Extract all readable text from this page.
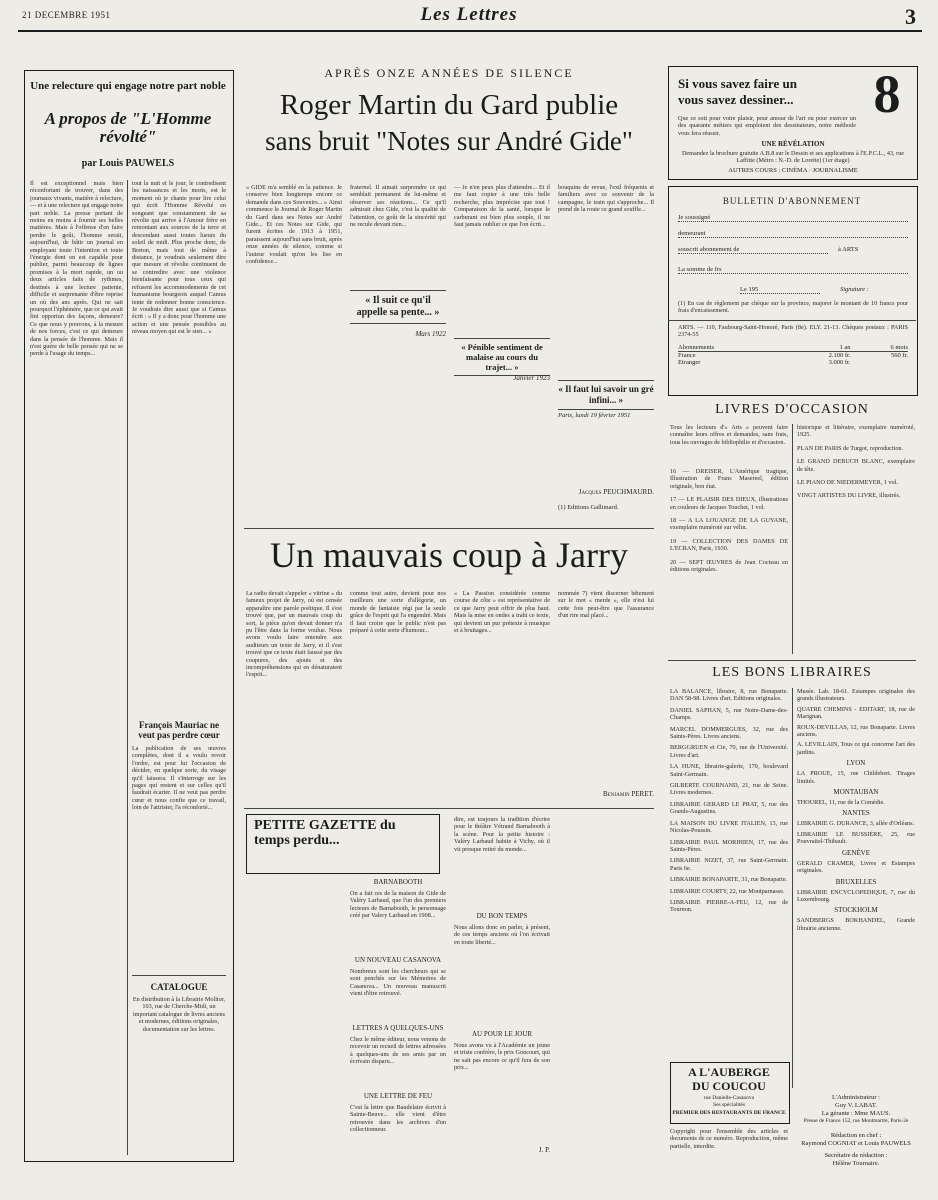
21 DECEMBRE 1951	Les Lettres	3
Une relecture qui engage notre part noble
A propos de "L'Homme révolté"
par Louis PAUWELS
Il est exceptionnel mais bien réconfortant de trouver, dans des journaux vivants, matière à relecture, — et à une relecture qui engage notre part noble. La presse portant de moins en moins à fournir ses belles matières. Mais à l'offense d'en faire perdre le goût, l'homme serait, aujourd'hui, de bâtir un journal en employant toute l'intention et toute l'énergie dont on est capable pour publier, parmi beaucoup de lignes promises à la mort rapide, un ou deux articles faits de rythmes, destinés à une lecture patiente, difficile et surprenante d'être reprise un où des ans après. Qui ne sait pourquoi l'éphémère, que ce qui avait fini opportun des façons, demeure? Ce que nous y pouvons, à la mesure de nos forces, c'est ce qui demeure dans la pensée de l'homme. Mais il n'est guère de belle pensée qui ne se perde à l'usage du temps...
tout la nuit et le jour, le contredisent les naissances et les morts, est le moment où je chante pour lire celui qui écrit l'Homme Révolté en songeant que constamment de sa révolte qui arrive à l'Amour frère en remontant aux sources de la terre et descendant aussi toutes lueurs du soleil de midi. Plus proche donc, de Breton, mais tout de même à distance, je voudrais seulement dire que mesure et révolte continuent de se contredire avec une violence bienfaisante pour tous ceux qui refusent les accommodements de cet humanisme bourgeois auquel Camus tente de redonner bonne conscience. Je voudrais dire aussi que si Camus écrit : « Il y a donc pour l'homme une action et une pensée possibles au niveau moyen qui est le sien... »
François Mauriac ne veut pas perdre cœur
La publication de ses œuvres complètes, dont il a voulu revoir l'ordre, est pour lui l'occasion de décider, en quelque sorte, du visage qu'il laissera. Il s'interroge sur les pages qui restent et sur celles qu'il faudrait écarter. Il ne veut pas perdre cœur et nous confie que ce travail, loin de l'attrister, l'a réconforté...
CATALOGUE
En distribution à la Librairie Molitor, 103, rue de Cherche-Midi, un important catalogue de livres anciens et modernes, éditions originales, documentation sur les lettres.
APRÈS ONZE ANNÉES DE SILENCE
Roger Martin du Gard publie
sans bruit "Notes sur André Gide"
« GIDE m'a semblé en la patience. Je conserve bien longtemps encore ce demande dans ces Souvenirs... » Ainsi commence le Journal de Roger Martin du Gard dans ses Notes sur André Gide... Et ces Notes sur Gide, qui furent écrites de 1913 à 1951, paraissent aujourd'hui sans bruit, après onze années de silence, comme si l'auteur voulait qu'on les lise en confidence...
fraternel. Il aimait surprendre ce qui semblait permanent de lui-même et observer ses réactions... Ce qu'il admirait chez Gide, c'est la qualité de l'attention, ce goût de la sincérité qui ne recule devant rien...
« Il suit ce qu'il appelle sa pente... »
Mars 1922
— Je n'en peux plus d'attendre... Et il me faut copier à une très belle recherche, plus imprécise que tout ! Comparaison de la santé, lorsque le carburant est bien plus souple, il ne faut jamais oublier ce que l'on écrit...
« Pénible sentiment de malaise au cours du trajet... »
Janvier 1923
bouquins de revue, l'exil fréquents et familiers avec ce souvenir de la campagne, le train qui s'approche... Il prend de la route ce grand souffle...
« Il faut lui savoir un gré infini... »
Paris, lundi 19 février 1951
Jacques PEUCHMAURD.
(1) Editions Gallimard.
Un mauvais coup à Jarry
La radio devait s'appeler « vitrine » du fameux projet de Jarry, où est censée apparaître une parole poétique. Il s'est trouvé que, par un mauvais coup du sort, la pièce qu'on devait donner n'a pu l'être dans la forme voulue. Nous avons voulu faire entendre aux auditeurs un texte de Jarry, et il s'est trouvé que ce texte était faussé par des coupures, des ajouts et des incompréhensions qui en dénaturaient l'esprit...
comme tout autre, devient pour nos meilleurs une sorte d'allégorie, un monde de fantaisie régi par la seule grâce de l'esprit qui l'a engendré. Mais il faut croire que le public n'est pas préparé à cette sorte d'humour...
« La Passion considérée comme course de côte » est représentative de ce que Jarry peut offrir de plus haut. Mais la mise en ondes a trahi ce texte, qui devient un pur prétexte à musique et à bruitages...
nommée 7) vient discerner bêtement sur le mot « merde », elle n'est lui cette fois peut-être que l'assurance d'un rire mal placé...
Benjamin PERET.
PETITE GAZETTE du temps perdu...
BARNABOOTH
On a fait ces de la maison de Gide de Valéry Larbaud, que l'un des premiers lecteurs de Barnabooth, le personnage créé par Valery Larbaud en 1908...
UN NOUVEAU CASANOVA
Nombreux sont les chercheurs qui se sont penchés sur les Mémoires de Casanova... Un nouveau manuscrit vient d'être retrouvé.
LETTRES A QUELQUES-UNS
Chez le même éditeur, nous venons de recevoir un recueil de lettres adressées à quelques-uns de ses amis par un écrivain disparu...
UNE LETTRE DE FEU
C'est la lettre que Baudelaire écrivit à Sainte-Beuve... elle vient d'être retrouvée dans les archives d'un collectionneur.
dire, est toujours la tradition d'écrire pour le théâtre Vétrand Barnabooth à la scène. Pour la petite histoire : Valéry Larbaud habite à Vichy, où il vit presque retiré du monde...
DU BON TEMPS
Nous allons donc en parler, à présent, de ces temps anciens où l'on écrivait en toute liberté...
AU POUR LE JOUR
Nous avons vu à l'Académie un jeune et triste confrère, le prix Goncourt, qui ne sait pas encore ce qu'il fera de son prix...
J. P.
Si vous savez faire un
vous savez dessiner...	8
Que ce soit pour votre plaisir, pour amour de l'art ou pour exercer un des quarante métiers qui emploient des dessinateurs, notre méthode vous fera réussir.
UNE RÉVÉLATION
Demandez la brochure gratuite A.B.8 sur le Dessin et ses applications à l'E.P.C.L., 43, rue Laffitte (Métro : N.-D. de Lorette) (1er étage)
AUTRES COURS : CINÉMA · JOURNALISME
BULLETIN D'ABONNEMENT
Je soussigné
demeurant
souscrit abonnement de	à ARTS
La somme de frs
Le 195	Signature :
(1) En cas de règlement par chèque sur la province, majorer le montant de 10 francs pour frais d'encaissement.
ARTS. — 110, Faubourg-Saint-Honoré, Paris (8e). ELY. 21-13. Chèques postaux : PARIS 2374-55
Abonnements	1 an	6 mois
France	2.100 fr.	560 fr.
Etranger	3.000 fr.
LIVRES D'OCCASION
Tous les lecteurs d'« Arts » peuvent faire connaître leurs offres et demandes, sans frais, tous les ouvrages de bibliophilie et d'occasion.
16 — DREISER, L'Amérique tragique, Illustration de Frans Masereel, édition originale, bon état.
17 — LE PLAISIR DES DIEUX, illustrations en couleurs de Jacques Touchet, 1 vol.
18 — A LA LOUANGE DE LA GUYANE, exemplaire numéroté sur vélin.
19 — COLLECTION DES DAMES DE L'ECRAN, Paris, 1930.
20 — SEPT ŒUVRES de Jean Cocteau en éditions originales.
historique et littéraire, exemplaire numéroté, 1925.
PLAN DE PARIS de Turgot, reproduction.
LE GRAND DEBUCH BLANC, exemplaire de tête.
LE PIANO DE NIEDERMEYER, 1 vol.
VINGT ARTISTES DU LIVRE, illustrés.
LES BONS LIBRAIRES
LA BALANCE, libraire, 8, rue Bonaparte. DAN 58-98. Livres d'art. Editions originales.
DANIEL SAPHAN, 5, rue Notre-Dame-des-Champs.
MARCEL DOMMERGUES, 32, rue des Saints-Pères. Livres anciens.
BERGGRUEN et Cie, 70, rue de l'Université. Livres d'art.
LA HUNE, librairie-galerie, 170, boulevard Saint-Germain.
GILBERTE COURNAND, 21, rue de Seine. Livres modernes.
LIBRAIRIE GERARD LE PRAT, 5, rue des Grands-Augustins.
LA MAISON DU LIVRE ITALIEN, 13, rue Nicolas-Poussin.
LIBRAIRIE PAUL MORIHIEN, 17, rue des Saints-Pères.
LIBRAIRIE NIZET, 37, rue Saint-Germain. Paris 6e.
LIBRAIRIE BONAPARTE, 31, rue Bonaparte.
LIBRAIRIE COURTY, 22, rue Montparnasse.
LIBRAIRIE PIERRE-A-FEU, 12, rue de Tournon.
Musée. Lab. 18-61. Estampes originales des grands illustrateurs.
QUATRE CHEMINS - EDITART, 18, rue de Marignan.
ROUX-DEVILLAS, 12, rue Bonaparte. Livres anciens.
A. LEVILLAIN, Tous ce qui concerne l'art des jardins.
LYON
LA PROUE, 15, rue Childebert. Tirages limités.
MONTAUBAN
THOUREL, 11, rue de la Comédie.
NANTES
LIBRAIRIE G. DURANCE, 3, allée d'Orléans.
LIBRAIRIE LE BUSSIÈRE, 25, rue Pouvraitel-Thibault.
GENÈVE
GERALD CRAMER, Livres et Estampes originales.
BRUXELLES
LIBRAIRIE ENCYCLOPEDIQUE, 7, rue du Luxembourg.
STOCKHOLM
SANDBERGS BOKHANDEL, Grande librairie ancienne.
A L'AUBERGE
DU COUCOU
rue Danielle-Casanova
Ses spécialités
PREMIER DES RESTAURANTS DE FRANCE
Copyright pour l'ensemble des articles et documents de ce numéro. Reproduction, même partielle, interdite.
L'Administrateur :
Guy V. LABAT.
La gérante : Mme MAUS.
Presse de France 152, rue Montmartre, Paris-2e
Rédaction en chef :
Raymond COGNIAT et Louis PAUWELS
Secrétaire de rédaction :
Hélène Tournaire.
